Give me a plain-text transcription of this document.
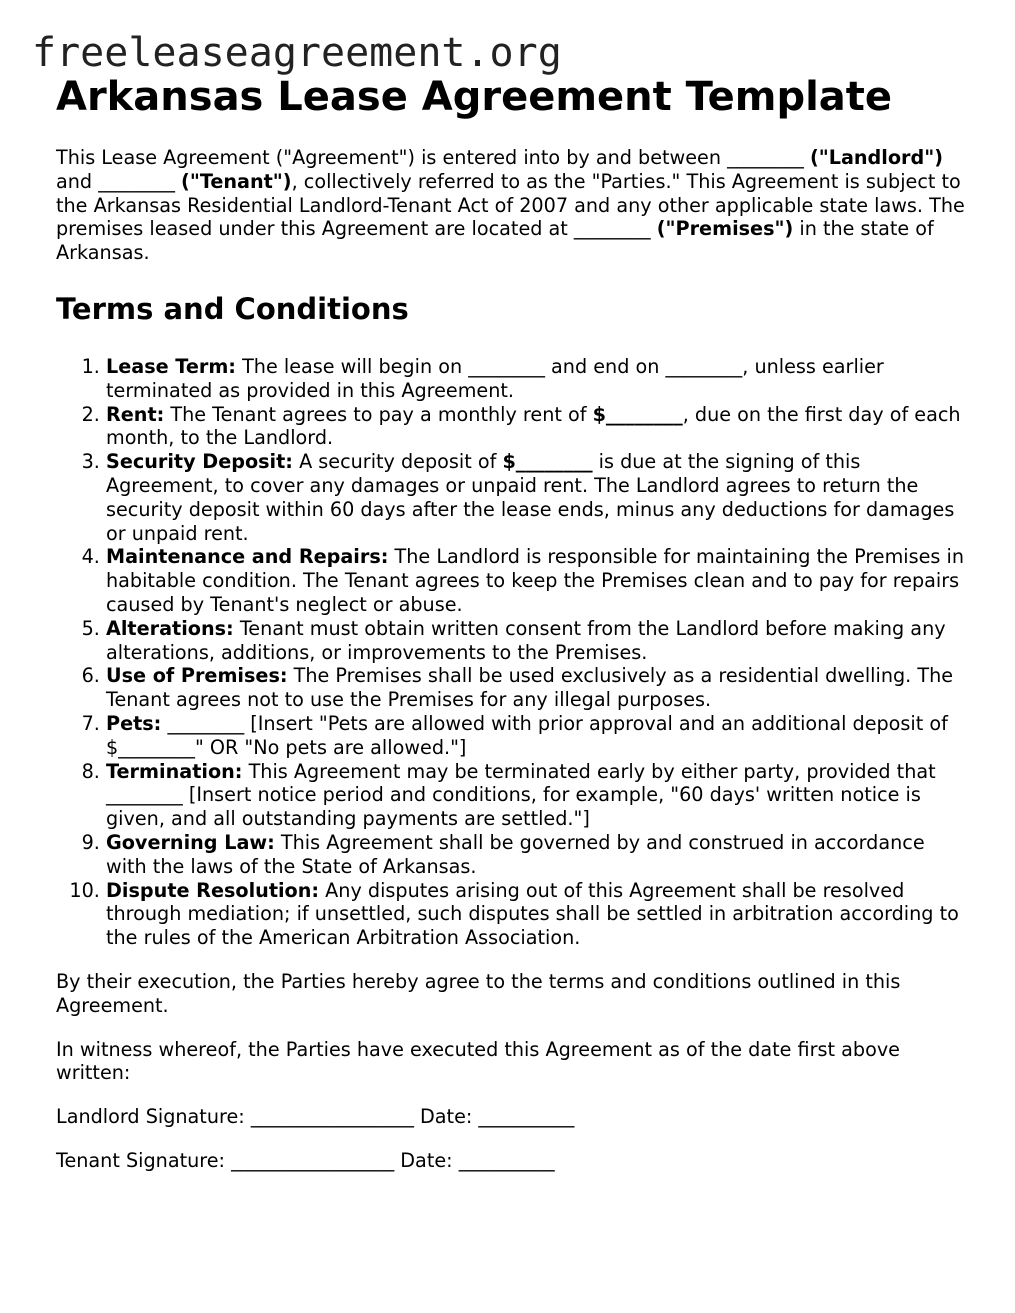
freeleaseagreement.org
Arkansas Lease Agreement Template

This Lease Agreement ("Agreement") is entered into by and between ________ ("Landlord") and ________ ("Tenant"), collectively referred to as the "Parties." This Agreement is subject to the Arkansas Residential Landlord-Tenant Act of 2007 and any other applicable state laws. The premises leased under this Agreement are located at ________ ("Premises") in the state of Arkansas.

Terms and Conditions
1. Lease Term: The lease will begin on ________ and end on ________, unless earlier terminated as provided in this Agreement.
2. Rent: The Tenant agrees to pay a monthly rent of $________, due on the first day of each month, to the Landlord.
3. Security Deposit: A security deposit of $________ is due at the signing of this Agreement, to cover any damages or unpaid rent. The Landlord agrees to return the security deposit within 60 days after the lease ends, minus any deductions for damages or unpaid rent.
4. Maintenance and Repairs: The Landlord is responsible for maintaining the Premises in habitable condition. The Tenant agrees to keep the Premises clean and to pay for repairs caused by Tenant's neglect or abuse.
5. Alterations: Tenant must obtain written consent from the Landlord before making any alterations, additions, or improvements to the Premises.
6. Use of Premises: The Premises shall be used exclusively as a residential dwelling. The Tenant agrees not to use the Premises for any illegal purposes.
7. Pets: ________ [Insert "Pets are allowed with prior approval and an additional deposit of $________" OR "No pets are allowed."]
8. Termination: This Agreement may be terminated early by either party, provided that ________ [Insert notice period and conditions, for example, "60 days' written notice is given, and all outstanding payments are settled."]
9. Governing Law: This Agreement shall be governed by and construed in accordance with the laws of the State of Arkansas.
10. Dispute Resolution: Any disputes arising out of this Agreement shall be resolved through mediation; if unsettled, such disputes shall be settled in arbitration according to the rules of the American Arbitration Association.

By their execution, the Parties hereby agree to the terms and conditions outlined in this Agreement.

In witness whereof, the Parties have executed this Agreement as of the date first above written:

Landlord Signature: _________________ Date: __________

Tenant Signature: _________________ Date: __________
